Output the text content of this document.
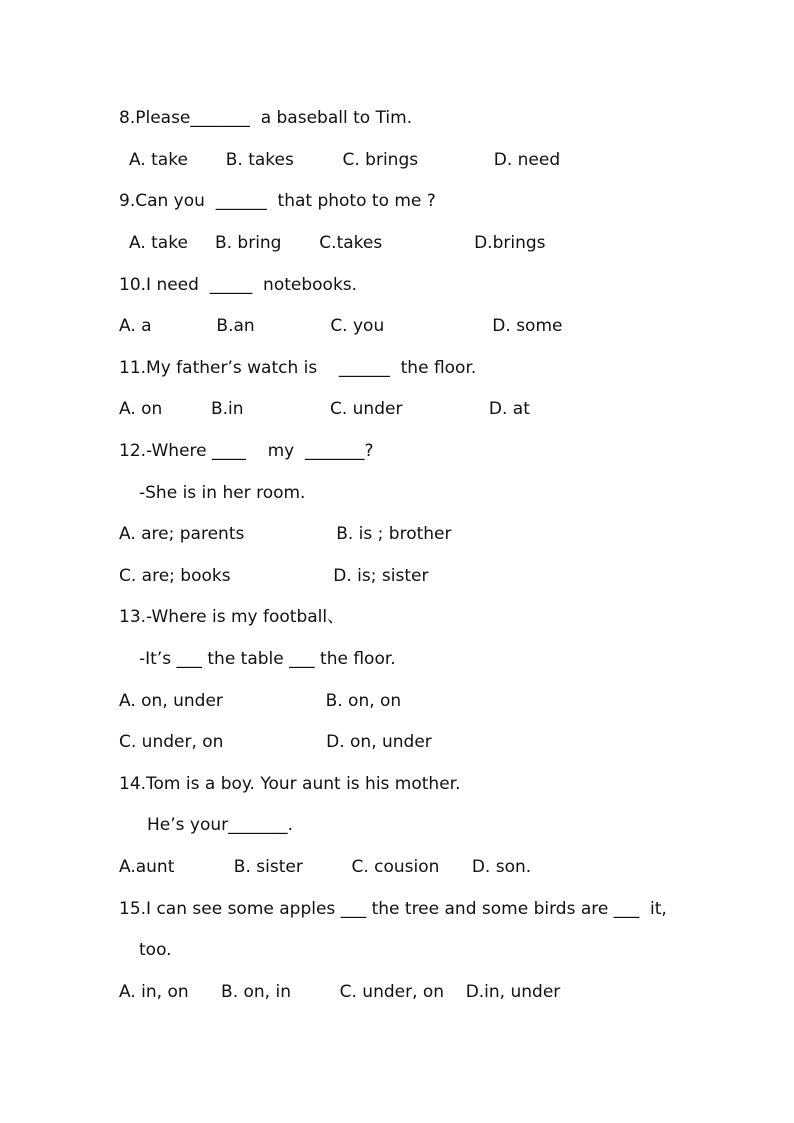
8.Please_______  a baseball to Tim.
A. take       B. takes         C. brings              D. need
9.Can you  ______  that photo to me ?
A. take     B. bring       C.takes                 D.brings
10.I need  _____  notebooks.
A. a            B.an              C. you                    D. some
11.My father’s watch is    ______  the floor.
A. on         B.in                C. under                D. at
12.-Where ____    my  _______?
-She is in her room.
A. are; parents                 B. is ; brother
C. are; books                   D. is; sister
13.-Where is my football、
-It’s ___ the table ___ the floor.
A. on, under                   B. on, on
C. under, on                   D. on, under
14.Tom is a boy. Your aunt is his mother.
He’s your_______.
A.aunt           B. sister         C. cousion      D. son.
15.I can see some apples ___ the tree and some birds are ___  it,
too.
A. in, on      B. on, in         C. under, on    D.in, under
